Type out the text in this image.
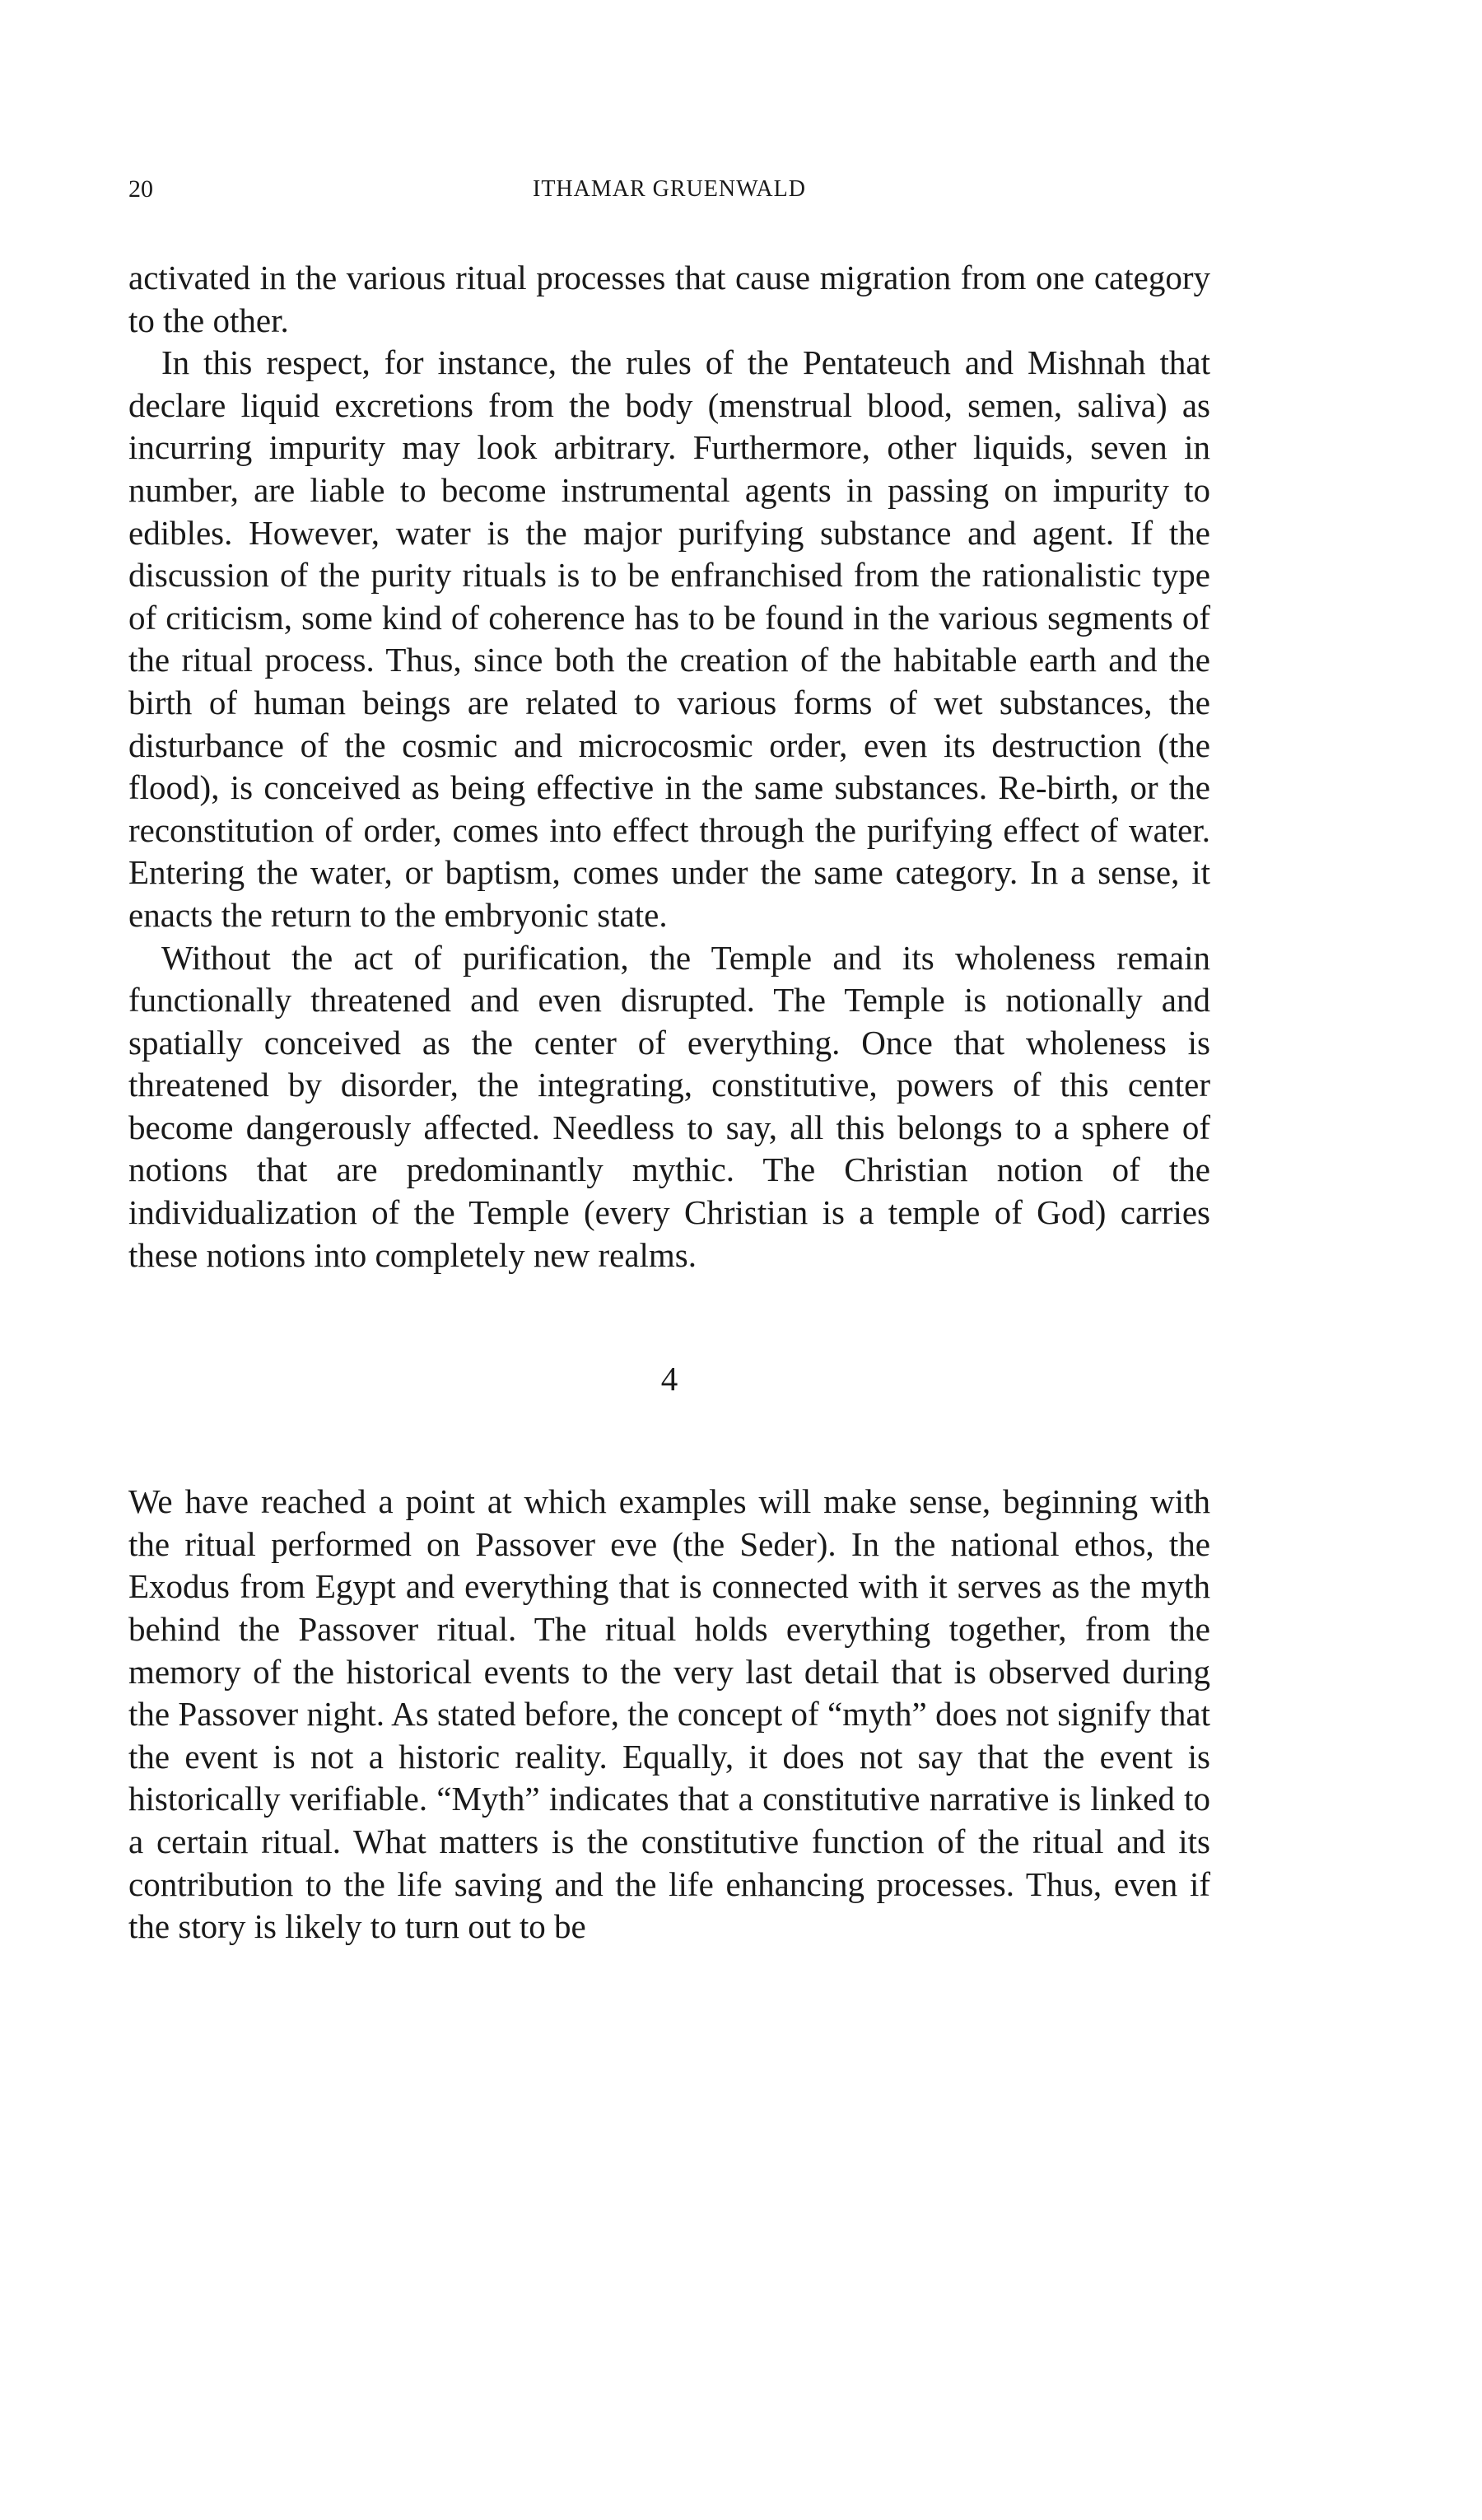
20	ITHAMAR GRUENWALD

activated in the various ritual processes that cause migration from one category to the other.

In this respect, for instance, the rules of the Pentateuch and Mishnah that declare liquid excretions from the body (menstrual blood, semen, saliva) as incurring impurity may look arbitrary. Furthermore, other liquids, seven in number, are liable to become instrumental agents in passing on impurity to edibles. However, water is the major purifying substance and agent. If the discussion of the purity rituals is to be enfranchised from the rationalistic type of criticism, some kind of coherence has to be found in the various segments of the ritual process. Thus, since both the creation of the habitable earth and the birth of human beings are related to various forms of wet substances, the disturbance of the cosmic and microcosmic order, even its destruction (the flood), is conceived as being effective in the same substances. Re-birth, or the reconstitution of order, comes into effect through the purifying effect of water. Entering the water, or baptism, comes under the same category. In a sense, it enacts the return to the embryonic state.

Without the act of purification, the Temple and its wholeness remain functionally threatened and even disrupted. The Temple is notionally and spatially conceived as the center of everything. Once that wholeness is threatened by disorder, the integrating, constitutive, powers of this center become dangerously affected. Needless to say, all this belongs to a sphere of notions that are predominantly mythic. The Christian notion of the individualization of the Temple (every Christian is a temple of God) carries these notions into completely new realms.

4

We have reached a point at which examples will make sense, beginning with the ritual performed on Passover eve (the Seder). In the national ethos, the Exodus from Egypt and everything that is connected with it serves as the myth behind the Passover ritual. The ritual holds everything together, from the memory of the historical events to the very last detail that is observed during the Passover night. As stated before, the concept of “myth” does not signify that the event is not a historic reality. Equally, it does not say that the event is historically verifiable. “Myth” indicates that a constitutive narrative is linked to a certain ritual. What matters is the constitutive function of the ritual and its contribution to the life saving and the life enhancing processes. Thus, even if the story is likely to turn out to be
